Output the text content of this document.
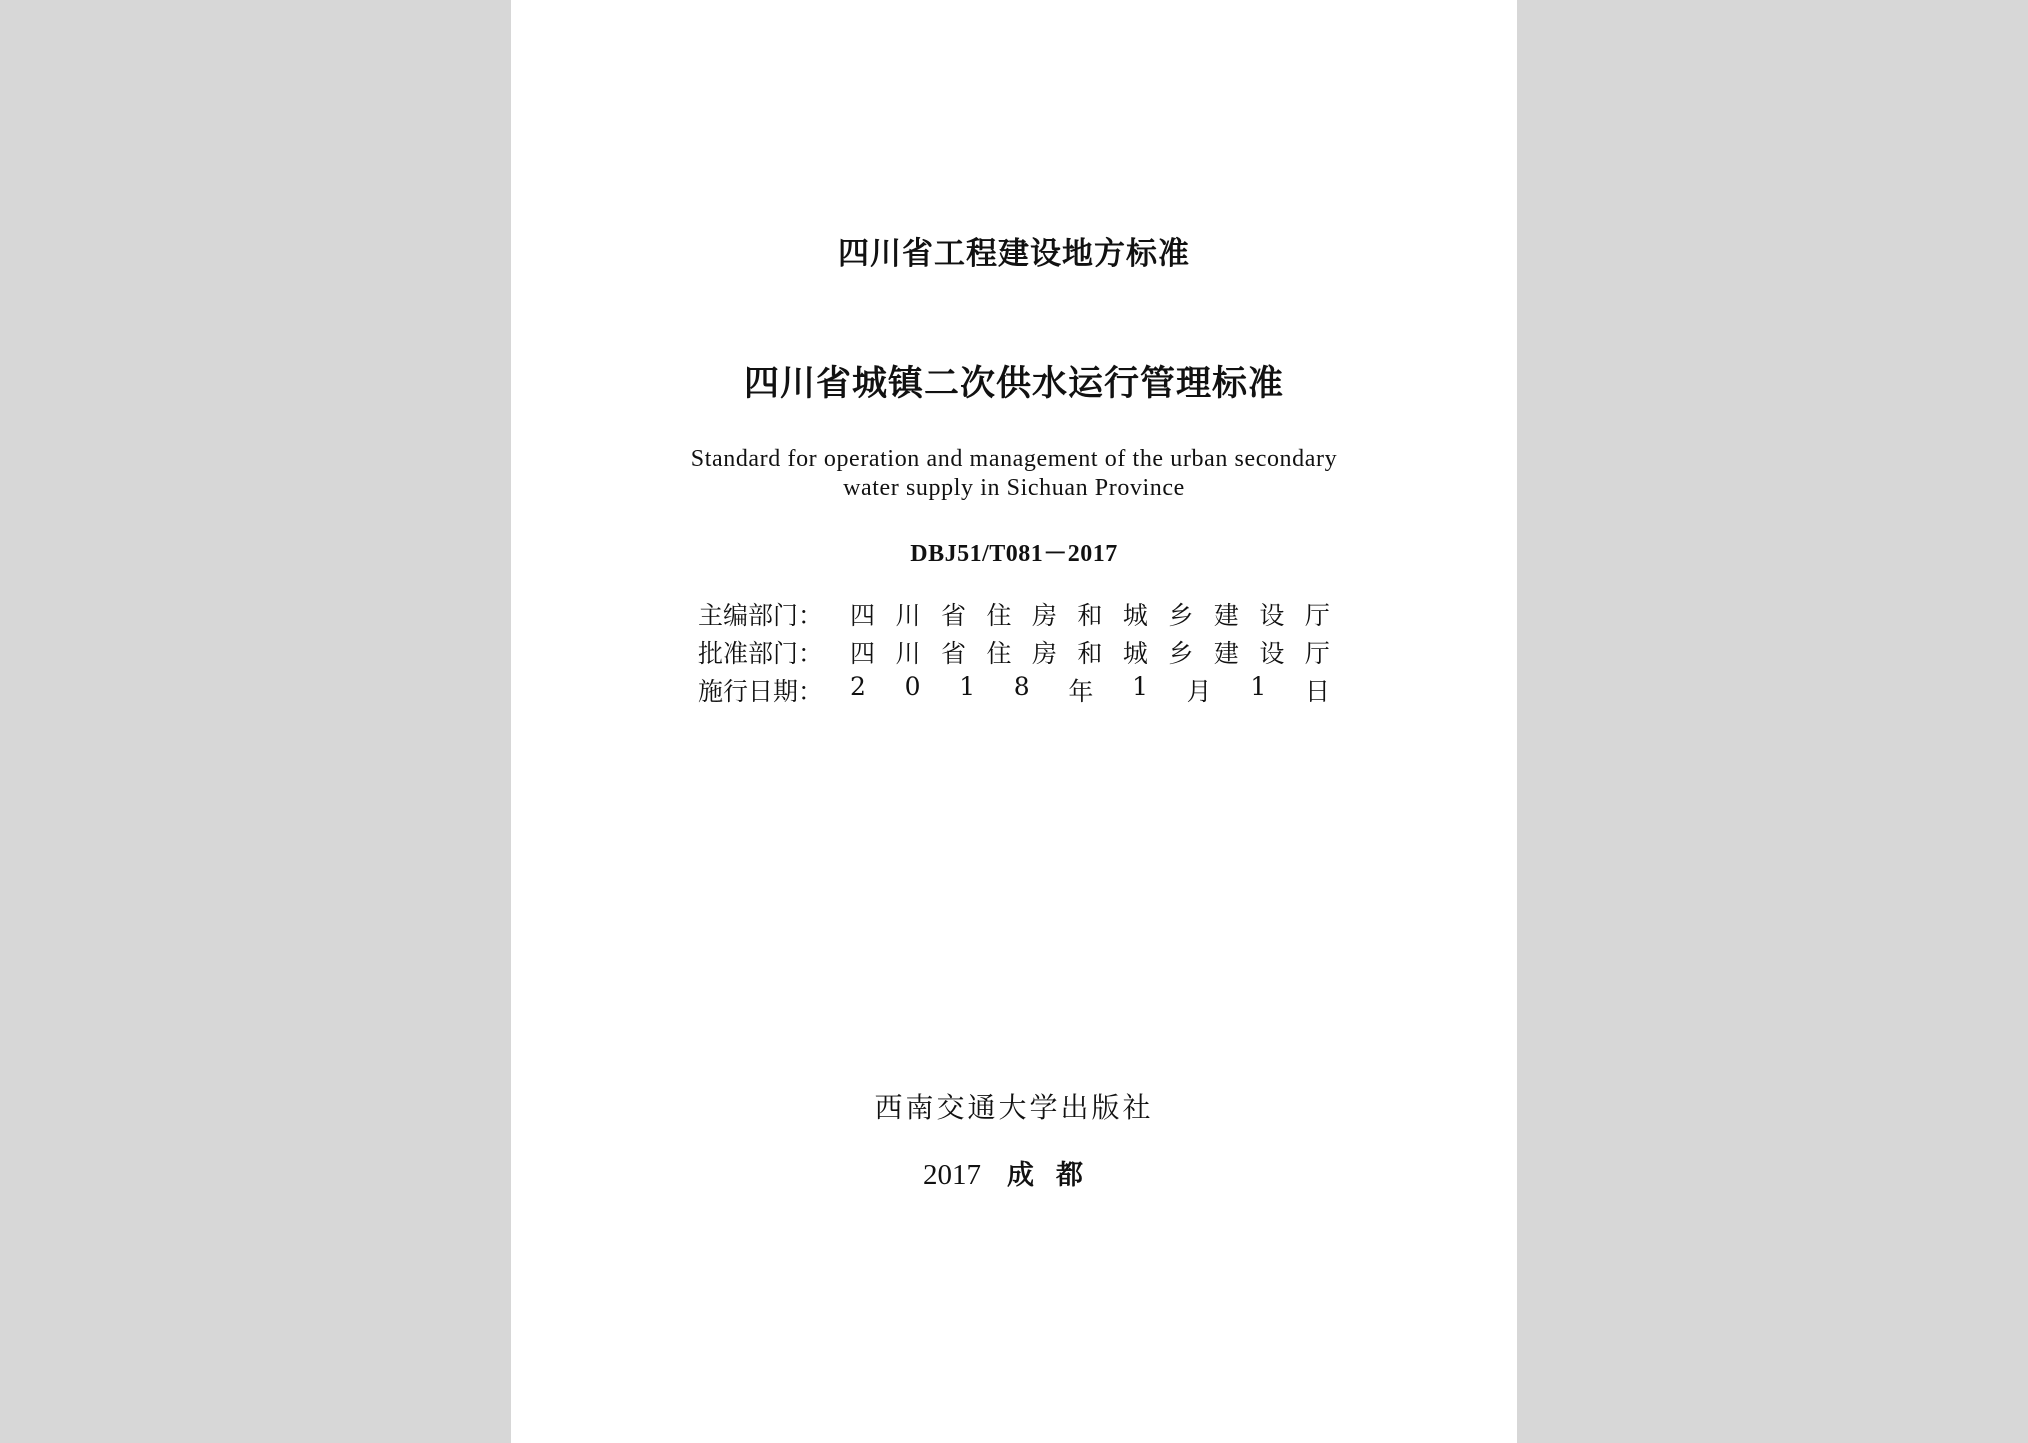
四川省工程建设地方标准
四川省城镇二次供水运行管理标准
Standard for operation and management of the urban secondary
water supply in Sichuan Province
DBJ51/T081－2017
主编部门： 四 川 省 住 房 和 城 乡 建 设 厅
批准部门： 四 川 省 住 房 和 城 乡 建 设 厅
施行日期： 2 0 1 8 年 1 月 1 日
西南交通大学出版社
2017 成都
